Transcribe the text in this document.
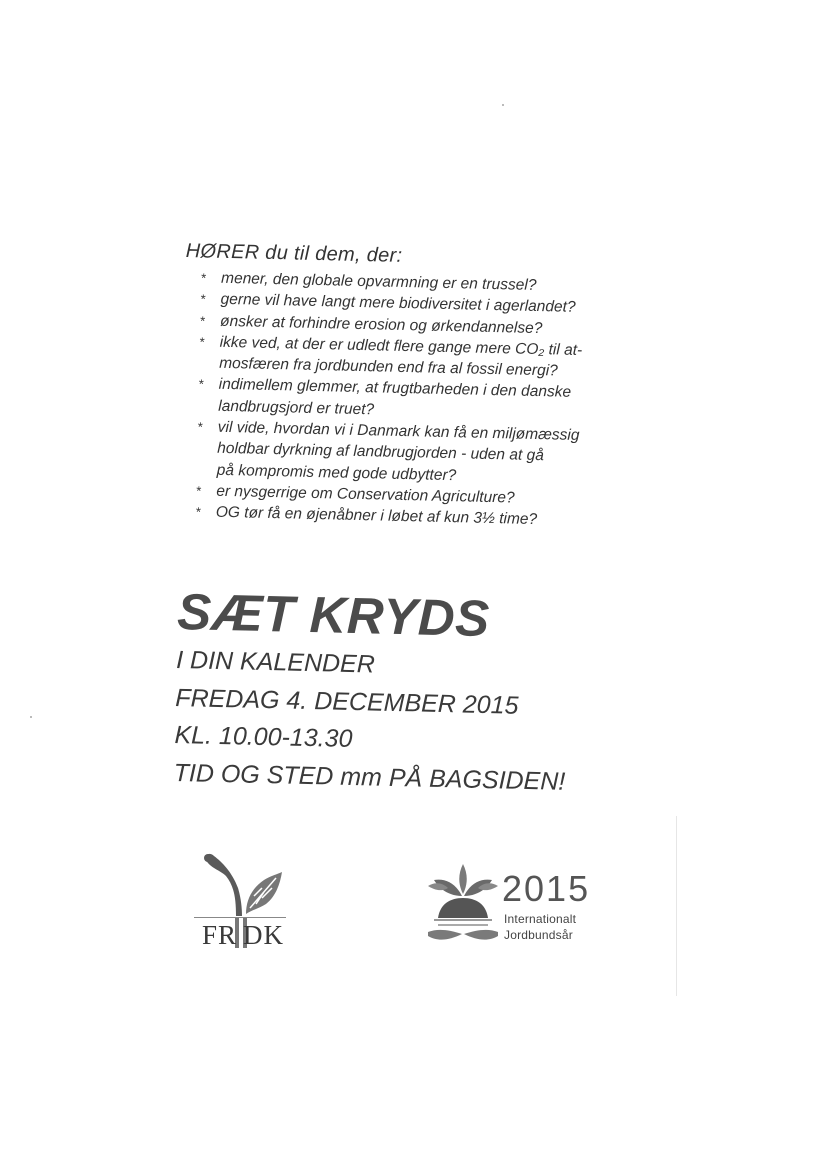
HØRER du til dem, der:
* mener, den globale opvarmning er en trussel?
* gerne vil have langt mere biodiversitet i agerlandet?
* ønsker at forhindre erosion og ørkendannelse?
* ikke ved, at der er udledt flere gange mere CO₂ til at-
mosfæren fra jordbunden end fra al fossil energi?
* indimellem glemmer, at frugtbarheden i den danske
landbrugsjord er truet?
* vil vide, hvordan vi i Danmark kan få en miljømæssig
holdbar dyrkning af landbrugjorden - uden at gå
på kompromis med gode udbytter?
* er nysgerrige om Conservation Agriculture?
* OG tør få en øjenåbner i løbet af kun 3½ time?
SÆT KRYDS
I DIN KALENDER
FREDAG 4. DECEMBER 2015
KL. 10.00-13.30
TID OG STED mm PÅ BAGSIDEN!
FR DK
2015
Internationalt
Jordbundsår
